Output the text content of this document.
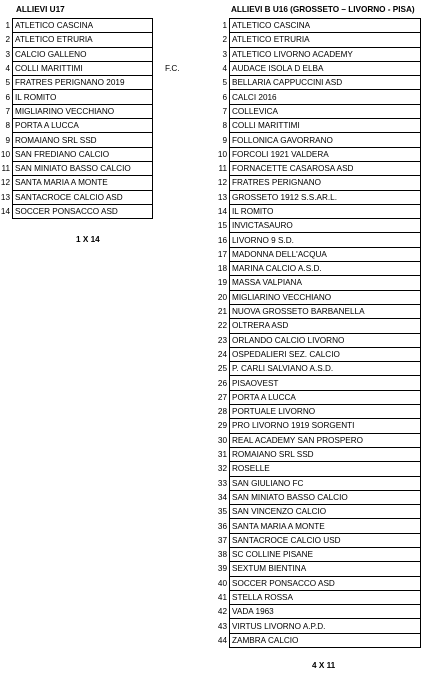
ALLIEVI U17
1	ATLETICO CASCINA
2	ATLETICO ETRURIA
3	CALCIO GALLENO
4	COLLI MARITTIMI
5	FRATRES PERIGNANO 2019
6	IL ROMITO
7	MIGLIARINO VECCHIANO
8	PORTA A LUCCA
9	ROMAIANO SRL SSD
10	SAN FREDIANO CALCIO
11	SAN MINIATO BASSO CALCIO
12	SANTA MARIA A MONTE
13	SANTACROCE CALCIO ASD
14	SOCCER PONSACCO ASD
F.C.
1 X 14
ALLIEVI B U16 (GROSSETO – LIVORNO - PISA)
1	ATLETICO CASCINA
2	ATLETICO ETRURIA
3	ATLETICO LIVORNO ACADEMY
4	AUDACE ISOLA D ELBA
5	BELLARIA CAPPUCCINI ASD
6	CALCI 2016
7	COLLEVICA
8	COLLI MARITTIMI
9	FOLLONICA GAVORRANO
10	FORCOLI 1921 VALDERA
11	FORNACETTE CASAROSA ASD
12	FRATRES PERIGNANO
13	GROSSETO 1912 S.S.AR.L.
14	IL ROMITO
15	INVICTASAURO
16	LIVORNO 9 S.D.
17	MADONNA DELL'ACQUA
18	MARINA CALCIO A.S.D.
19	MASSA VALPIANA
20	MIGLIARINO VECCHIANO
21	NUOVA GROSSETO BARBANELLA
22	OLTRERA ASD
23	ORLANDO CALCIO LIVORNO
24	OSPEDALIERI SEZ. CALCIO
25	P. CARLI SALVIANO A.S.D.
26	PISAOVEST
27	PORTA A LUCCA
28	PORTUALE LIVORNO
29	PRO LIVORNO 1919 SORGENTI
30	REAL ACADEMY SAN PROSPERO
31	ROMAIANO SRL SSD
32	ROSELLE
33	SAN GIULIANO FC
34	SAN MINIATO BASSO CALCIO
35	SAN VINCENZO CALCIO
36	SANTA MARIA A MONTE
37	SANTACROCE CALCIO USD
38	SC COLLINE PISANE
39	SEXTUM BIENTINA
40	SOCCER PONSACCO ASD
41	STELLA ROSSA
42	VADA 1963
43	VIRTUS LIVORNO A.P.D.
44	ZAMBRA CALCIO
4 X 11
